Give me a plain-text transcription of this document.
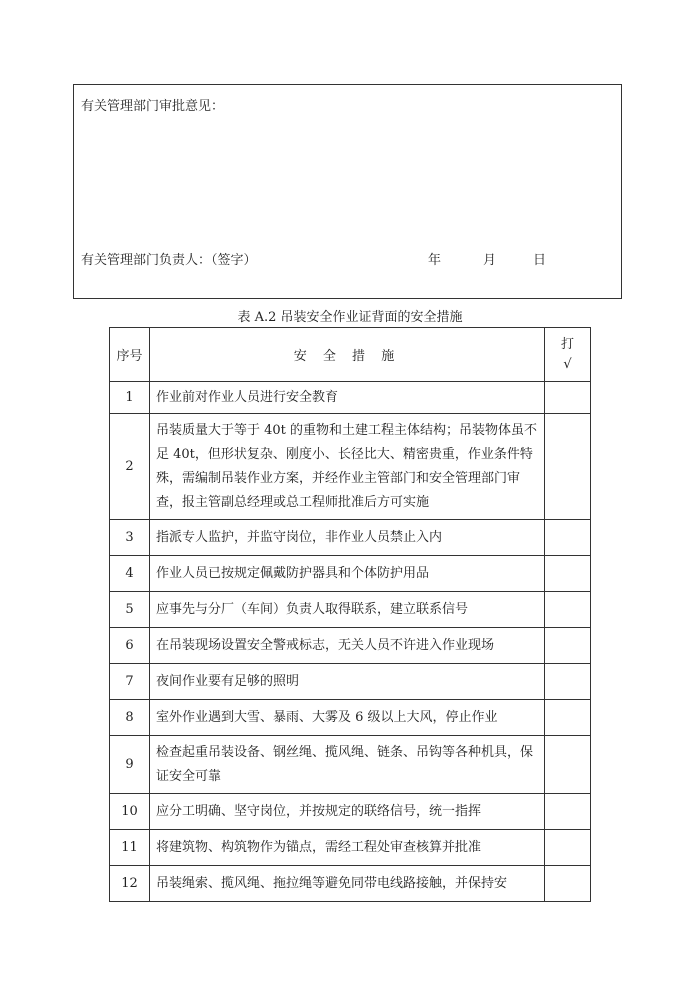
有关管理部门审批意见：
有关管理部门负责人：（签字）	年	月	日
表 A.2 吊装安全作业证背面的安全措施
序号	安 全 措 施	打
√

1	作业前对作业人员进行安全教育	
2	吊装质量大于等于 40t 的重物和土建工程主体结构；吊装物体虽不足 40t，但形状复杂、刚度小、长径比大、精密贵重，作业条件特殊，需编制吊装作业方案，并经作业主管部门和安全管理部门审查，报主管副总经理或总工程师批准后方可实施	
3	指派专人监护，并监守岗位，非作业人员禁止入内	
4	作业人员已按规定佩戴防护器具和个体防护用品	
5	应事先与分厂（车间）负责人取得联系，建立联系信号	
6	在吊装现场设置安全警戒标志，无关人员不许进入作业现场	
7	夜间作业要有足够的照明	
8	室外作业遇到大雪、暴雨、大雾及 6 级以上大风，停止作业	
9	检查起重吊装设备、钢丝绳、揽风绳、链条、吊钩等各种机具，保证安全可靠	
10	应分工明确、坚守岗位，并按规定的联络信号，统一指挥	
11	将建筑物、构筑物作为锚点，需经工程处审查核算并批准	
12	吊装绳索、揽风绳、拖拉绳等避免同带电线路接触，并保持安	
